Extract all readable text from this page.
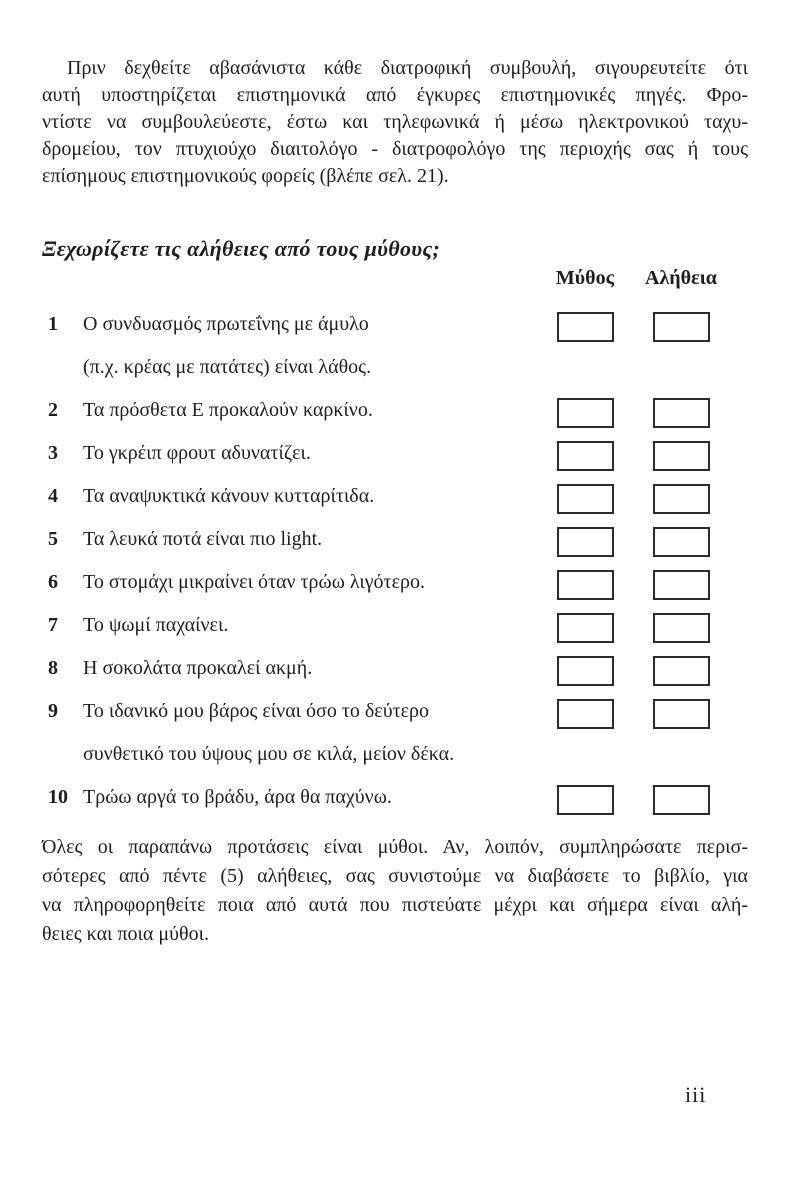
Πριν δεχθείτε αβασάνιστα κάθε διατροφική συμβουλή, σιγουρευτείτε ότι
αυτή υποστηρίζεται επιστημονικά από έγκυρες επιστημονικές πηγές. Φρο-
ντίστε να συμβουλεύεστε, έστω και τηλεφωνικά ή μέσω ηλεκτρονικού ταχυ-
δρομείου, τον πτυχιούχο διαιτολόγο - διατροφολόγο της περιοχής σας ή τους
επίσημους επιστημονικούς φορείς (βλέπε σελ. 21).
Ξεχωρίζετε τις αλήθειες από τους μύθους;
Μύθος	Αλήθεια
1	Ο συνδυασμός πρωτεΐνης με άμυλο
(π.χ. κρέας με πατάτες) είναι λάθος.
2	Τα πρόσθετα Ε προκαλούν καρκίνο.
3	Το γκρέιπ φρουτ αδυνατίζει.
4	Τα αναψυκτικά κάνουν κυτταρίτιδα.
5	Τα λευκά ποτά είναι πιο light.
6	Το στομάχι μικραίνει όταν τρώω λιγότερο.
7	Το ψωμί παχαίνει.
8	Η σοκολάτα προκαλεί ακμή.
9	Το ιδανικό μου βάρος είναι όσο το δεύτερο
συνθετικό του ύψους μου σε κιλά, μείον δέκα.
10 Τρώω αργά το βράδυ, άρα θα παχύνω.
Όλες οι παραπάνω προτάσεις είναι μύθοι. Αν, λοιπόν, συμπληρώσατε περισ-
σότερες από πέντε (5) αλήθειες, σας συνιστούμε να διαβάσετε το βιβλίο, για
να πληροφορηθείτε ποια από αυτά που πιστεύατε μέχρι και σήμερα είναι αλή-
θειες και ποια μύθοι.
iii
